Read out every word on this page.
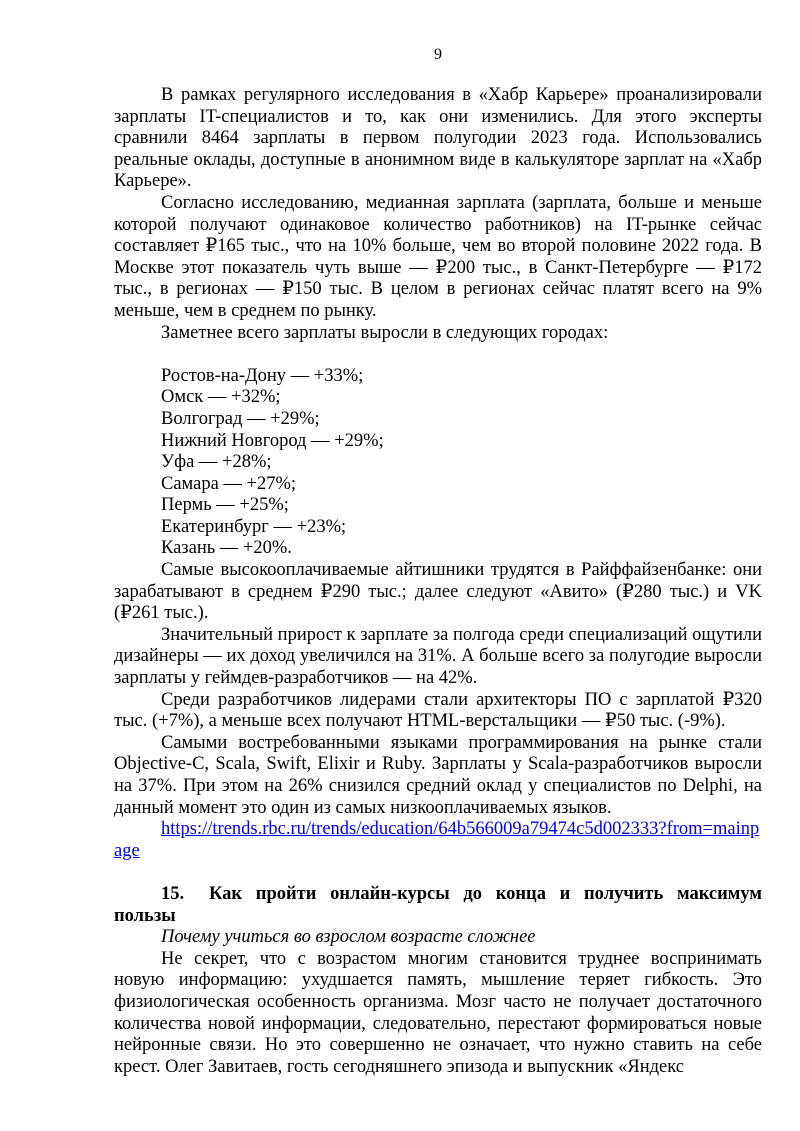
9

В рамках регулярного исследования в «Хабр Карьере» проанализировали зарплаты IT-специалистов и то, как они изменились. Для этого эксперты сравнили 8464 зарплаты в первом полугодии 2023 года. Использовались реальные оклады, доступные в анонимном виде в калькуляторе зарплат на «Хабр Карьере».

Согласно исследованию, медианная зарплата (зарплата, больше и меньше которой получают одинаковое количество работников) на IT-рынке сейчас составляет ₽165 тыс., что на 10% больше, чем во второй половине 2022 года. В Москве этот показатель чуть выше — ₽200 тыс., в Санкт-Петербурге — ₽172 тыс., в регионах — ₽150 тыс. В целом в регионах сейчас платят всего на 9% меньше, чем в среднем по рынку.

Заметнее всего зарплаты выросли в следующих городах:

Ростов-на-Дону — +33%;
Омск — +32%;
Волгоград — +29%;
Нижний Новгород — +29%;
Уфа — +28%;
Самара — +27%;
Пермь — +25%;
Екатеринбург — +23%;
Казань — +20%.

Самые высокооплачиваемые айтишники трудятся в Райффайзенбанке: они зарабатывают в среднем ₽290 тыс.; далее следуют «Авито» (₽280 тыс.) и VK (₽261 тыс.).

Значительный прирост к зарплате за полгода среди специализаций ощутили дизайнеры — их доход увеличился на 31%. А больше всего за полугодие выросли зарплаты у геймдев-разработчиков — на 42%.

Среди разработчиков лидерами стали архитекторы ПО с зарплатой ₽320 тыс. (+7%), а меньше всех получают HTML-верстальщики — ₽50 тыс. (-9%).

Самыми востребованными языками программирования на рынке стали Objective-C, Scala, Swift, Elixir и Ruby. Зарплаты у Scala-разработчиков выросли на 37%. При этом на 26% снизился средний оклад у специалистов по Delphi, на данный момент это один из самых низкооплачиваемых языков.

https://trends.rbc.ru/trends/education/64b566009a79474c5d002333?from=mainpage

15. Как пройти онлайн-курсы до конца и получить максимум пользы

Почему учиться во взрослом возрасте сложнее

Не секрет, что с возрастом многим становится труднее воспринимать новую информацию: ухудшается память, мышление теряет гибкость. Это физиологическая особенность организма. Мозг часто не получает достаточного количества новой информации, следовательно, перестают формироваться новые нейронные связи. Но это совершенно не означает, что нужно ставить на себе крест. Олег Завитаев, гость сегодняшнего эпизода и выпускник «Яндекс
